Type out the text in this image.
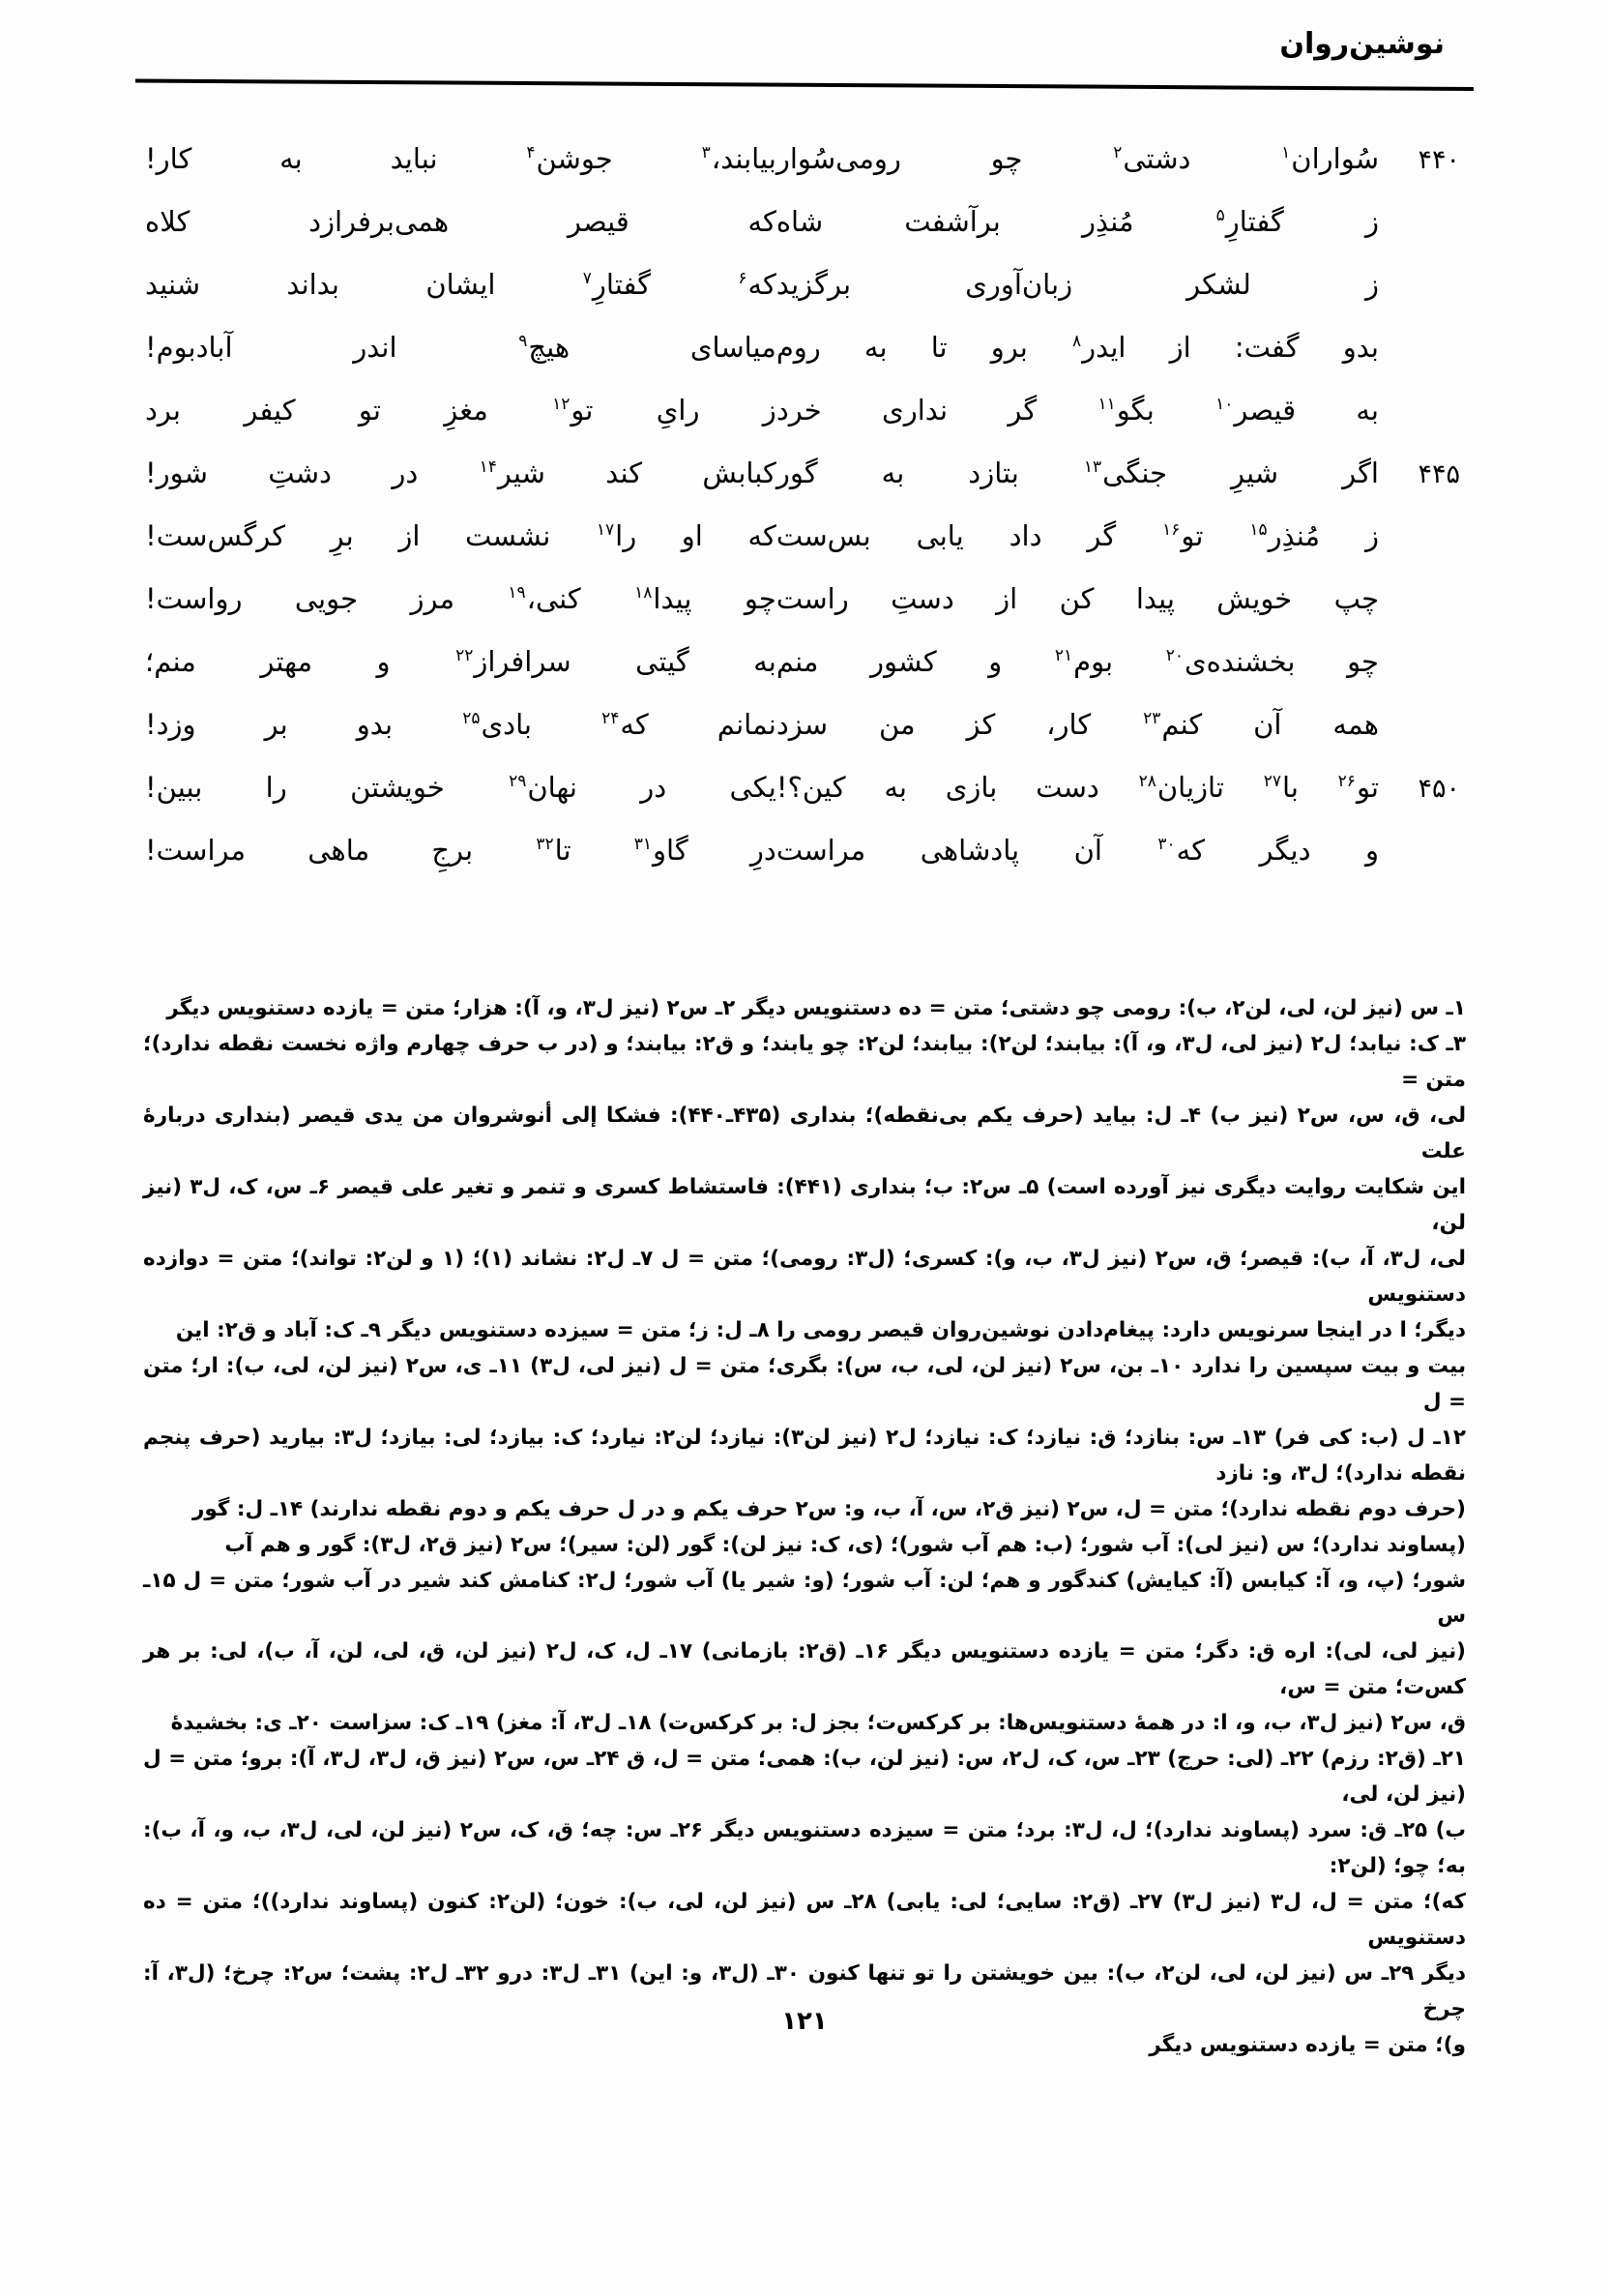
نوشین‌روان
۴۴۰
سُواران$^۱$
دشتی$^۲$
چو
رومی‌سُوار
بیابند،$^۳$
جوشن$^۴$
نباید
به
کار!
ز
گفتارِ$^۵$
مُنذِر
برآشفت
شاه
که
قیصر
همی‌برفرازد
کلاه
ز
لشکر
زبان‌آوری
برگزید
که$^۶$
گفتارِ$^۷$
ایشان
بداند
شنید
بدو
گفت:
از
ایدر$^۸$
برو
تا
به
روم
میاسای
هیچ$^۹$
اندر
آبادبوم!
به
قیصر$^{۱۰}$
بگو$^{۱۱}$
گر
نداری
خرد
ز
رایِ
تو$^{۱۲}$
مغزِ
تو
کیفر
برد
۴۴۵
اگر
شیرِ
جنگی$^{۱۳}$
بتازد
به
گور
کبابش
کند
شیر$^{۱۴}$
در
دشتِ
شور!
ز
مُنذِر$^{۱۵}$
تو$^{۱۶}$
گر
داد
یابی
بس‌ست
که
او
را$^{۱۷}$
نشست
از
برِ
کرگس‌ست!
چپ
خویش
پیدا
کن
از
دستِ
راست
چو
پیدا$^{۱۸}$
کنی،$^{۱۹}$
مرز
جویی
رواست!
چو
بخشنده‌ی$^{۲۰}$
بوم$^{۲۱}$
و
کشور
منم
به
گیتی
سرافراز$^{۲۲}$
و
مهتر
منم؛
همه
آن
کنم$^{۲۳}$
کار،
کز
من
سزد
نمانم
که$^{۲۴}$
بادی$^{۲۵}$
بدو
بر
وزد!
۴۵۰
تو$^{۲۶}$
با$^{۲۷}$
تازیان$^{۲۸}$
دست
بازی
به
کین؟!
یکی
در
نهان$^{۲۹}$
خویشتن
را
ببین!
و
دیگر
که$^{۳۰}$
آن
پادشاهی
مراست
درِ
گاو$^{۳۱}$
تا$^{۳۲}$
برجِ
ماهی
مراست!
۱ـ س (نیز لن، لی، لن۲، ب): رومی چو دشتی؛ متن = ده دستنویس دیگر ۲ـ س۲ (نیز ل۳، و، آ): هزار؛ متن = یازده دستنویس دیگر
۳ـ ک: نیابد؛ ل۲ (نیز لی، ل۳، و، آ): بیابند؛ لن۲): بیابند؛ لن۲: چو یابند؛ و ق۲: بیابند؛ و (در ب حرف چهارم واژه نخست نقطه ندارد)؛ متن =
لی، ق، س، س۲ (نیز ب) ۴ـ ل: بیاید (حرف یکم بی‌نقطه)؛ بنداری (۴۳۵ـ۴۴۰): فشکا إلی أنوشروان من یدی قیصر (بنداری دربارهٔ علت
این شکایت روایت دیگری نیز آورده است) ۵ـ س۲: ب؛ بنداری (۴۴۱): فاستشاط کسری و تنمر و تغیر علی قیصر ۶ـ س، ک، ل۳ (نیز لن،
لی، ل۳، آ، ب): قیصر؛ ق، س۲ (نیز ل۳، ب، و): کسری؛ (ل۳: رومی)؛ متن = ل ۷ـ ل۲: نشاند (۱)؛ (۱ و لن۲: تواند)؛ متن = دوازده دستنویس
دیگر؛ ا در اینجا سرنویس دارد: پیغام‌دادن نوشین‌روان قیصر رومی را ۸ـ ل: ز؛ متن = سیزده دستنویس دیگر ۹ـ ک: آباد و ق۲: این
بیت و بیت سپسین را ندارد ۱۰ـ بن، س۲ (نیز لن، لی، ب، س): بگری؛ متن = ل (نیز لی، ل۳) ۱۱ـ ی، س۲ (نیز لن، لی، ب): ار؛ متن = ل
۱۲ـ ل (ب: کی فر) ۱۳ـ س: بنازد؛ ق: نیازد؛ ک: نیازد؛ ل۲ (نیز لن۳): نیازد؛ لن۲: نیارد؛ ک: بیازد؛ لی: بیازد؛ ل۳: بیارید (حرف پنجم نقطه ندارد)؛ ل۳، و: نازد
(حرف دوم نقطه ندارد)؛ متن = ل، س۲ (نیز ق۲، س، آ، ب، و: س۲ حرف یکم و در ل حرف یکم و دوم نقطه ندارند) ۱۴ـ ل: گور
(پساوند ندارد)؛ س (نیز لی): آب شور؛ (ب: هم آب شور)؛ (ی، ک: نیز لن): گور (لن: سیر)؛ س۲ (نیز ق۲، ل۳): گور و هم آب
شور؛ (پ، و، آ: کیابس (آ: کیایش) کندگور و هم؛ لن: آب شور؛ (و: شیر یا) آب شور؛ ل۲: کنامش کند شیر در آب شور؛ متن = ل ۱۵ـ س
(نیز لی، لی): اره ق: دگر؛ متن = یازده دستنویس دیگر ۱۶ـ (ق۲: بازمانی) ۱۷ـ ل، ک، ل۲ (نیز لن، ق، لی، لن، آ، ب)، لی: بر هر کس‌ت؛ متن = س،
ق، س۲ (نیز ل۳، ب، و، ا: در همهٔ دستنویس‌ها: بر کرکس‌ت؛ بجز ل: بر کرکس‌ت) ۱۸ـ ل۳، آ: مغز) ۱۹ـ ک: سزاست ۲۰ـ ی: بخشیدهٔ
۲۱ـ (ق۲: رزم) ۲۲ـ (لی: حرج) ۲۳ـ س، ک، ل۲، س: (نیز لن، ب): همی؛ متن = ل، ق ۲۴ـ س، س۲ (نیز ق، ل۳، ل۳، آ): برو؛ متن = ل (نیز لن، لی،
ب) ۲۵ـ ق: سرد (پساوند ندارد)؛ ل، ل۳: برد؛ متن = سیزده دستنویس دیگر ۲۶ـ س: چه؛ ق، ک، س۲ (نیز لن، لی، ل۳، ب، و، آ، ب): به؛ چو؛ (لن۲:
که)؛ متن = ل، ل۳ (نیز ل۳) ۲۷ـ (ق۲: سایی؛ لی: یابی) ۲۸ـ س (نیز لن، لی، ب): خون؛ (لن۲: کنون (پساوند ندارد))؛ متن = ده دستنویس
دیگر ۲۹ـ س (نیز لن، لی، لن۲، ب): بین خویشتن را تو تنها کنون ۳۰ـ (ل۳، و: این) ۳۱ـ ل۳: درو ۳۲ـ ل۲: پشت؛ س۲: چرخ؛ (ل۳، آ: چرخ
و)؛ متن = یازده دستنویس دیگر
۱۲۱
